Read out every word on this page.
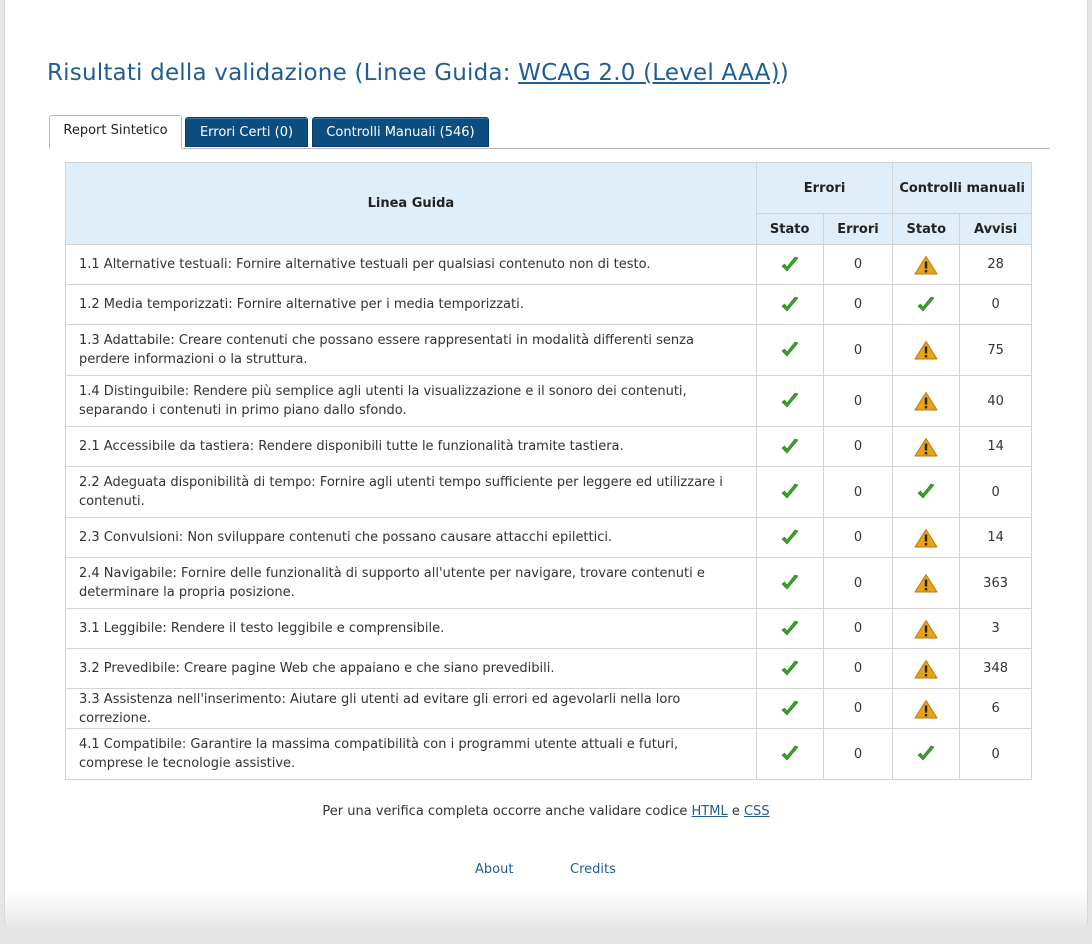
Risultati della validazione (Linee Guida: WCAG 2.0 (Level AAA))
Report Sintetico	Errori Certi (0)	Controlli Manuali (546)
Linea Guida	Errori		Controlli manuali	
	Stato	Errori	Stato	Avvisi
1.1 Alternative testuali: Fornire alternative testuali per qualsiasi contenuto non di testo.		0		28
1.2 Media temporizzati: Fornire alternative per i media temporizzati.		0		0
1.3 Adattabile: Creare contenuti che possano essere rappresentati in modalità differenti senza perdere informazioni o la struttura.		0		75
1.4 Distinguibile: Rendere più semplice agli utenti la visualizzazione e il sonoro dei contenuti, separando i contenuti in primo piano dallo sfondo.		0		40
2.1 Accessibile da tastiera: Rendere disponibili tutte le funzionalità tramite tastiera.		0		14
2.2 Adeguata disponibilità di tempo: Fornire agli utenti tempo sufficiente per leggere ed utilizzare i contenuti.		0		0
2.3 Convulsioni: Non sviluppare contenuti che possano causare attacchi epilettici.		0		14
2.4 Navigabile: Fornire delle funzionalità di supporto all'utente per navigare, trovare contenuti e determinare la propria posizione.		0		363
3.1 Leggibile: Rendere il testo leggibile e comprensibile.		0		3
3.2 Prevedibile: Creare pagine Web che appaiano e che siano prevedibili.		0		348
3.3 Assistenza nell'inserimento: Aiutare gli utenti ad evitare gli errori ed agevolarli nella loro correzione.		0		6
4.1 Compatibile: Garantire la massima compatibilità con i programmi utente attuali e futuri, comprese le tecnologie assistive.		0		0
Per una verifica completa occorre anche validare codice HTML e CSS
About	Credits
